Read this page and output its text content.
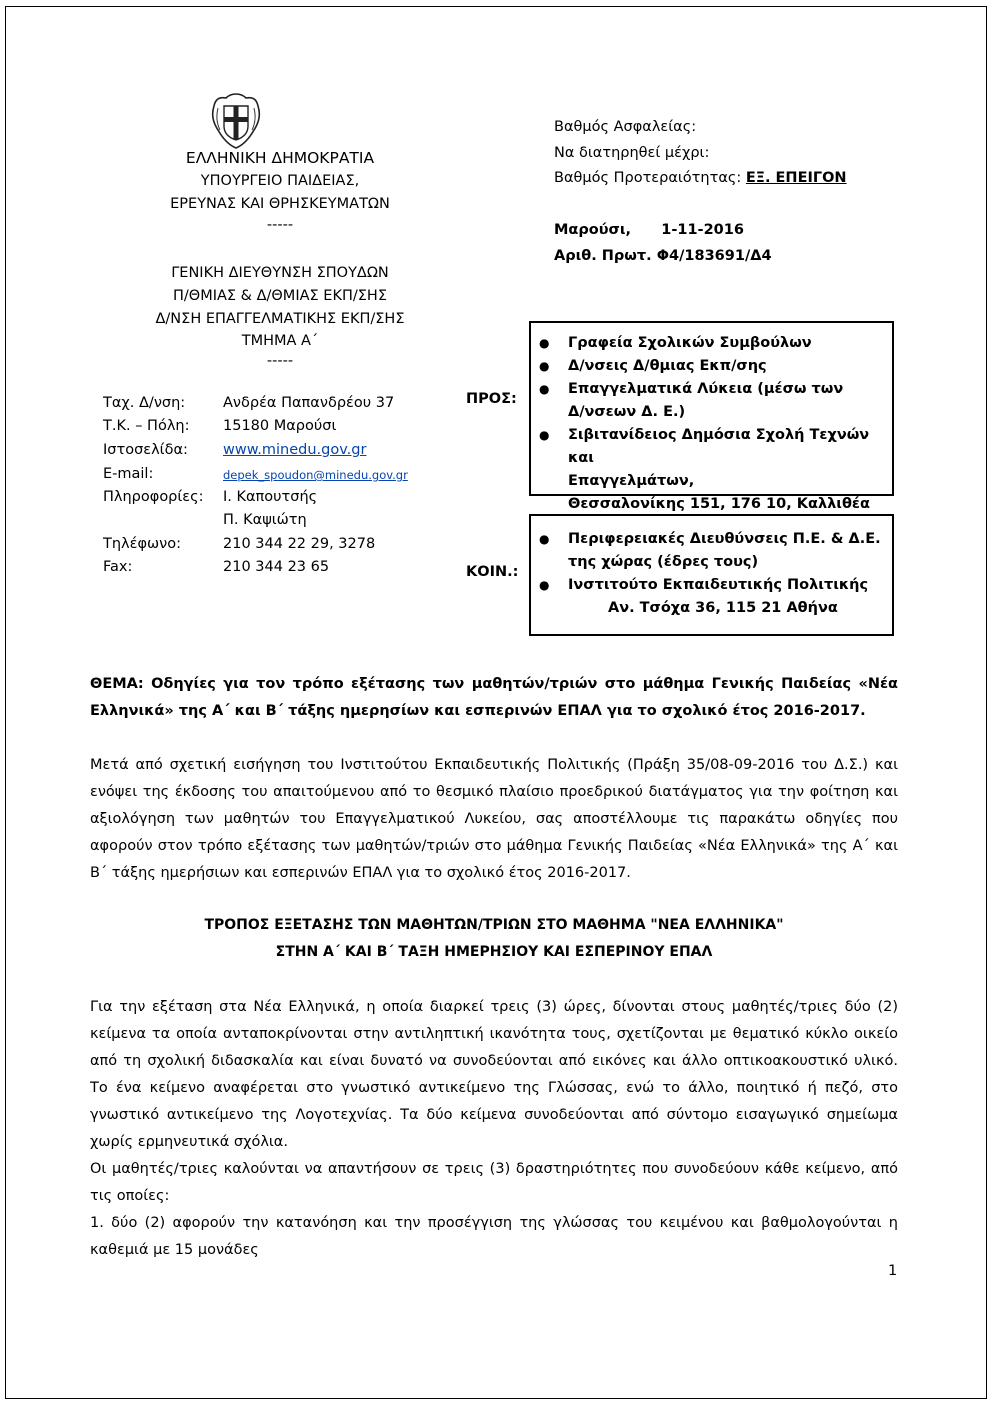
ΕΛΛΗΝΙΚΗ ΔΗΜΟΚΡΑΤΙΑ
ΥΠΟΥΡΓΕΙΟ ΠΑΙΔΕΙΑΣ,
ΕΡΕΥΝΑΣ ΚΑΙ ΘΡΗΣΚΕΥΜΑΤΩΝ
-----
ΓΕΝΙΚΗ ΔΙΕΥΘΥΝΣΗ ΣΠΟΥΔΩΝ
Π/ΘΜΙΑΣ & Δ/ΘΜΙΑΣ ΕΚΠ/ΣΗΣ
Δ/ΝΣΗ ΕΠΑΓΓΕΛΜΑΤΙΚΗΣ ΕΚΠ/ΣΗΣ
ΤΜΗΜΑ Α΄
-----
Βαθμός Ασφαλείας:
Να διατηρηθεί μέχρι:
Βαθμός Προτεραιότητας: ΕΞ. ΕΠΕΙΓΟΝ
Μαρούσι,      1-11-2016
Αριθ. Πρωτ. Φ4/183691/Δ4
Ταχ. Δ/νση:	Ανδρέα Παπανδρέου 37
Τ.Κ. – Πόλη: 15180 Μαρούσι
Ιστοσελίδα: www.minedu.gov.gr
E-mail:	depek_spoudon@minedu.gov.gr
Πληροφορίες: Ι. Καπουτσής
Π. Καψιώτη
Τηλέφωνο:	210 344 22 29, 3278
Fax:	210 344 23 65
ΠΡΟΣ:
● Γραφεία Σχολικών Συμβούλων
● Δ/νσεις Δ/θμιας Εκπ/σης
● Επαγγελματικά Λύκεια (μέσω των
Δ/νσεων Δ. Ε.)
● Σιβιτανίδειος Δημόσια Σχολή Τεχνών και
Επαγγελμάτων,
Θεσσαλονίκης 151, 176 10, Καλλιθέα
ΚΟΙΝ.:
● Περιφερειακές Διευθύνσεις Π.Ε. & Δ.Ε.
της χώρας (έδρες τους)
● Ινστιτούτο Εκπαιδευτικής Πολιτικής
Αν. Τσόχα 36, 115 21 Αθήνα
ΘΕΜΑ: Οδηγίες για τον τρόπο εξέτασης των μαθητών/τριών στο μάθημα Γενικής Παιδείας «Νέα Ελληνικά» της Α΄ και Β΄ τάξης ημερησίων και εσπερινών ΕΠΑΛ για το σχολικό έτος 2016-2017.
Μετά από σχετική εισήγηση του Ινστιτούτου Εκπαιδευτικής Πολιτικής (Πράξη 35/08-09-2016 του Δ.Σ.) και ενόψει της έκδοσης του απαιτούμενου από το θεσμικό πλαίσιο προεδρικού διατάγματος για την φοίτηση και αξιολόγηση των μαθητών του Επαγγελματικού Λυκείου, σας αποστέλλουμε τις παρακάτω οδηγίες που αφορούν στον τρόπο εξέτασης των μαθητών/τριών στο μάθημα Γενικής Παιδείας «Νέα Ελληνικά» της Α΄ και Β΄ τάξης ημερήσιων και εσπερινών ΕΠΑΛ για το σχολικό έτος 2016-2017.
ΤΡΟΠΟΣ ΕΞΕΤΑΣΗΣ ΤΩΝ ΜΑΘΗΤΩΝ/ΤΡΙΩΝ ΣΤΟ ΜΑΘΗΜΑ "ΝΕΑ ΕΛΛΗΝΙΚΑ"
ΣΤΗΝ Α΄ ΚΑΙ Β΄ ΤΑΞΗ ΗΜΕΡΗΣΙΟΥ ΚΑΙ ΕΣΠΕΡΙΝΟΥ ΕΠΑΛ

Για την εξέταση στα Νέα Ελληνικά, η οποία διαρκεί τρεις (3) ώρες, δίνονται στους μαθητές/τριες δύο (2) κείμενα τα οποία ανταποκρίνονται στην αντιληπτική ικανότητα τους, σχετίζονται με θεματικό κύκλο οικείο από τη σχολική διδασκαλία και είναι δυνατό να συνοδεύονται από εικόνες και άλλο οπτικοακουστικό υλικό. Το ένα κείμενο αναφέρεται στο γνωστικό αντικείμενο της Γλώσσας, ενώ το άλλο, ποιητικό ή πεζό, στο γνωστικό αντικείμενο της Λογοτεχνίας. Τα δύο κείμενα συνοδεύονται από σύντομο εισαγωγικό σημείωμα χωρίς ερμηνευτικά σχόλια.

Οι μαθητές/τριες καλούνται να απαντήσουν σε τρεις (3) δραστηριότητες που συνοδεύουν κάθε κείμενο, από τις οποίες:

1. δύο (2) αφορούν την κατανόηση και την προσέγγιση της γλώσσας του κειμένου και βαθμολογούνται η καθεμιά με 15 μονάδες

1
